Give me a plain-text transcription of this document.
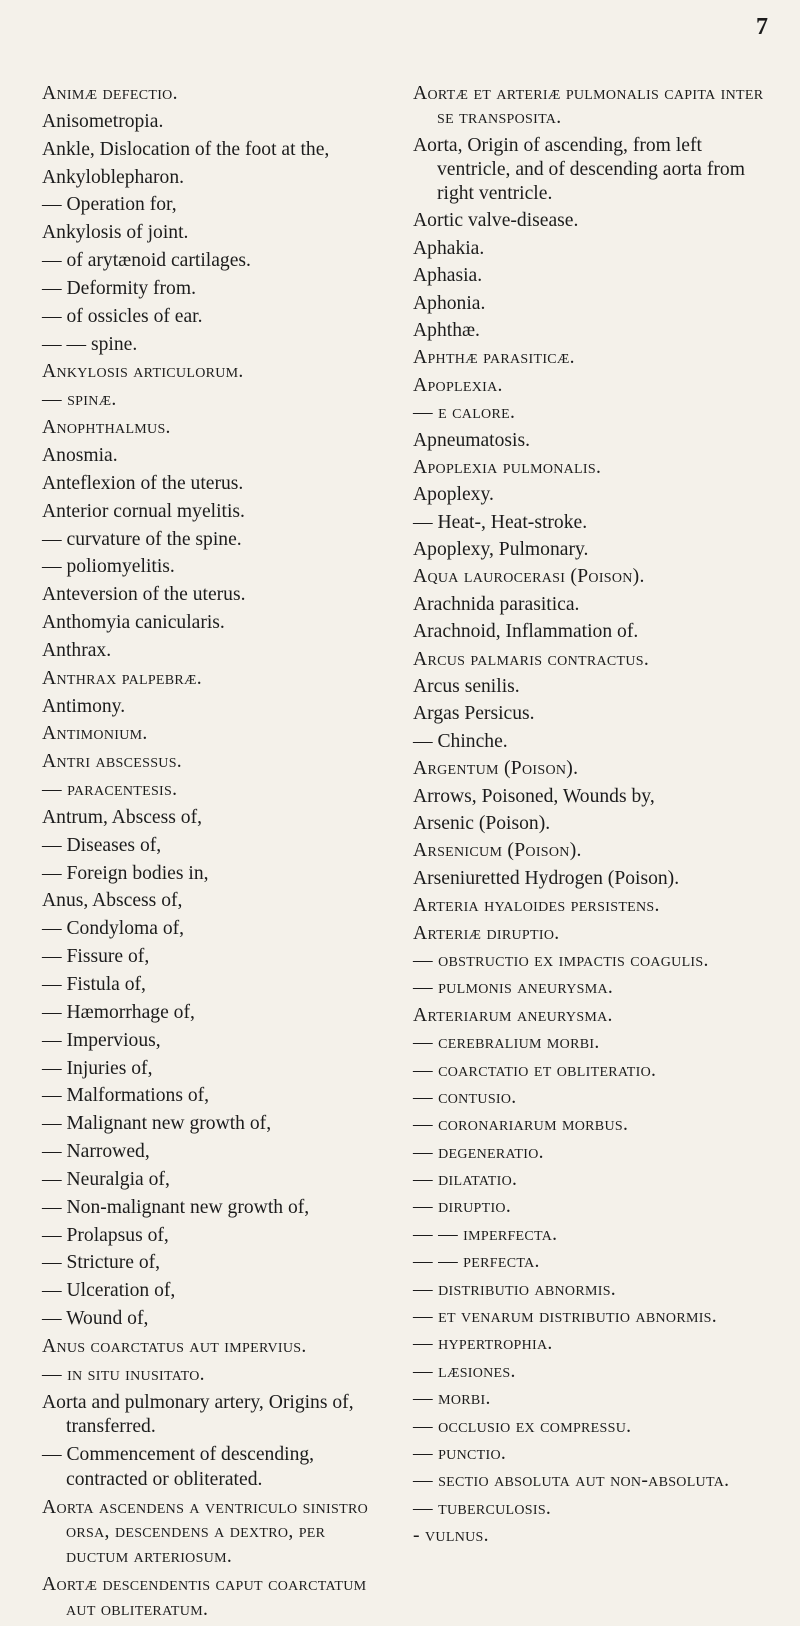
7
Animæ defectio.
Anisometropia.
Ankle, Dislocation of the foot at the,
Ankyloblepharon.
— Operation for,
Ankylosis of joint.
— of arytænoid cartilages.
— Deformity from.
— of ossicles of ear.
— — spine.
Ankylosis articulorum.
— spinæ.
Anophthalmus.
Anosmia.
Anteflexion of the uterus.
Anterior cornual myelitis.
— curvature of the spine.
— poliomyelitis.
Anteversion of the uterus.
Anthomyia canicularis.
Anthrax.
Anthrax palpebræ.
Antimony.
Antimonium.
Antri abscessus.
— paracentesis.
Antrum, Abscess of,
— Diseases of,
— Foreign bodies in,
Anus, Abscess of,
— Condyloma of,
— Fissure of,
— Fistula of,
— Hæmorrhage of,
— Impervious,
— Injuries of,
— Malformations of,
— Malignant new growth of,
— Narrowed,
— Neuralgia of,
— Non-malignant new growth of,
— Prolapsus of,
— Stricture of,
— Ulceration of,
— Wound of,
Anus coarctatus aut impervius.
— in situ inusitato.
Aorta and pulmonary artery, Origins of, transferred.
— Commencement of descending, contracted or obliterated.
Aorta ascendens a ventriculo sinistro orsa, descendens a dextro, per ductum arteriosum.
Aortæ descendentis caput coarctatum aut obliteratum.
Aortæ et arteriæ pulmonalis capita inter se transposita.
Aorta, Origin of ascending, from left ventricle, and of descending aorta from right ventricle.
Aortic valve-disease.
Aphakia.
Aphasia.
Aphonia.
Aphthæ.
Aphthæ parasiticæ.
Apoplexia.
— e calore.
Apneumatosis.
Apoplexia pulmonalis.
Apoplexy.
— Heat-, Heat-stroke.
Apoplexy, Pulmonary.
Aqua laurocerasi (Poison).
Arachnida parasitica.
Arachnoid, Inflammation of.
Arcus palmaris contractus.
Arcus senilis.
Argas Persicus.
— Chinche.
Argentum (Poison).
Arrows, Poisoned, Wounds by,
Arsenic (Poison).
Arsenicum (Poison).
Arseniuretted Hydrogen (Poison).
Arteria hyaloides persistens.
Arteriæ diruptio.
— obstructio ex impactis coagulis.
— pulmonis aneurysma.
Arteriarum aneurysma.
— cerebralium morbi.
— coarctatio et obliteratio.
— contusio.
— coronariarum morbus.
— degeneratio.
— dilatatio.
— diruptio.
— — imperfecta.
— — perfecta.
— distributio abnormis.
— et venarum distributio abnormis.
— hypertrophia.
— læsiones.
— morbi.
— occlusio ex compressu.
— punctio.
— sectio absoluta aut non-absoluta.
— tuberculosis.
- vulnus.
